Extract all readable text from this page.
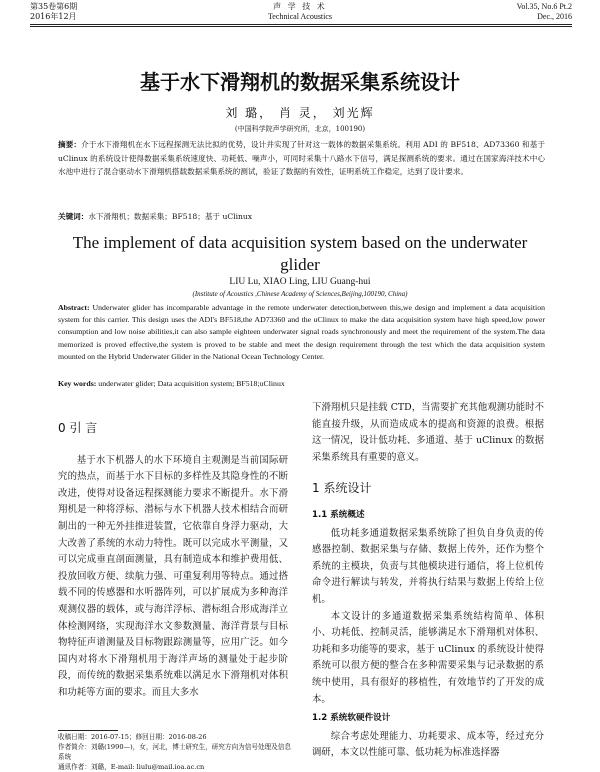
第35卷第6期
2016年12月
声 学 技 术
Technical Acoustics
Vol.35, No.6 Pt.2
Dec., 2016
基于水下滑翔机的数据采集系统设计
刘 璐， 肖 灵， 刘光辉
(中国科学院声学研究所，北京，100190)
摘要：介于水下滑翔机在水下远程探测无法比拟的优势，设计并实现了针对这一载体的数据采集系统。利用 ADI 的 BF518、AD73360 和基于 uClinux 的系统设计使得数据采集系统速度快、功耗低、噪声小，可同时采集十八路水下信号，满足探测系统的要求。通过在国家海洋技术中心水池中进行了混合驱动水下滑翔机搭载数据采集系统的测试，验证了数据的有效性，证明系统工作稳定，达到了设计要求。
关键词：水下滑翔机；数据采集；BF518；基于 uClinux
The implement of data acquisition system based on the underwater glider
LIU Lu, XIAO Ling, LIU Guang-hui
(Institute of Acoustics ,Chinese Academy of Sciences,Beijing,100190, China)
Abstract: Underwater glider has incomparable advantage in the remote underwater detection,between this,we design and implement a data acquisition system for this carrier. This design uses the ADI's BF518,the AD73360 and the uClinux to make the data acquisition system have high speed,low power consumption and low noise abilities,it can also sample eighteen underwater signal roads synchronously and meet the requirement of the system.The data memorized is proved effective,the system is proved to be stable and meet the design requirement through the test which the data acquisition system mounted on the Hybrid Underwater Glider in the National Ocean Technology Center.
Key words: underwater glider; Data acquisition system; BF518;uClinux
0 引 言

基于水下机器人的水下环境自主观测是当前国际研究的热点，而基于水下目标的多样性及其隐身性的不断改进，使得对设备远程探测能力要求不断提升。水下滑翔机是一种将浮标、潜标与水下机器人技术相结合而研制出的一种无外挂推进装置，它依靠自身浮力驱动，大大改善了系统的水动力特性。既可以完成水平测量，又可以完成垂直剖面测量，具有制造成本和维护费用低、投放回收方便、续航力强、可重复利用等特点。通过搭载不同的传感器和水听器阵列，可以扩展成为多种海洋观测仪器的载体，或与海洋浮标、潜标组合形成海洋立体检测网络，实现海洋水文参数测量、海洋背景与目标物特征声谱测量及目标物跟踪测量等，应用广泛。如今国内对将水下滑翔机用于海洋声场的测量处于起步阶段，而传统的数据采集系统难以满足水下滑翔机对体积和功耗等方面的要求。而且大多水

下滑翔机只是挂载 CTD，当需要扩充其他观测功能时不能直接升级，从而造成成本的提高和资源的浪费。根据这一情况，设计低功耗、多通道、基于 uClinux 的数据采集系统具有重要的意义。

1 系统设计
1.1 系统概述

低功耗多通道数据采集系统除了担负自身负责的传感器控制、数据采集与存储、数据上传外，还作为整个系统的主模块，负责与其他模块进行通信，将上位机传命令进行解读与转发，并将执行结果与数据上传给上位机。

本文设计的多通道数据采集系统结构简单、体积小、功耗低、控制灵活，能够满足水下滑翔机对体积、功耗和多功能等的要求，基于 uClinux 的系统设计使得系统可以很方便的整合在多种需要采集与记录数据的系统中使用，具有很好的移植性，有效地节约了开发的成本。

1.2 系统软硬件设计

综合考虑处理能力、功耗要求、成本等，经过充分调研，本文以性能可靠、低功耗为标准选择器

收稿日期：2016-07-15；修回日期：2016-08-26
作者简介：刘璐(1990—)，女，河北，博士研究生，研究方向为信号处理及信息系统
通讯作者：刘璐，E-mail: liulu@mail.ioa.ac.cn
